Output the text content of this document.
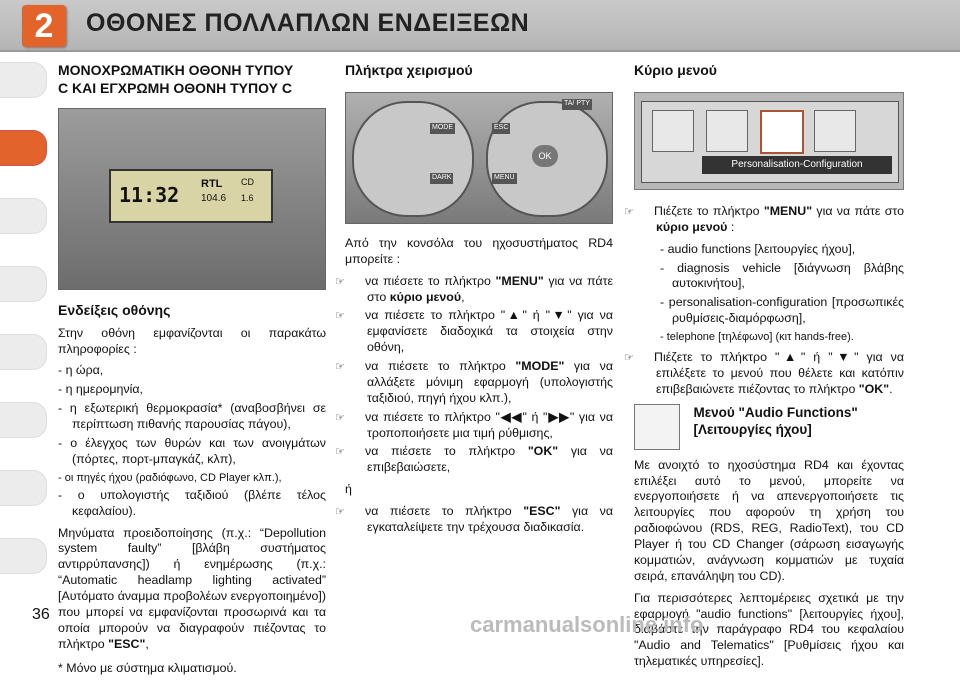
2	ΟΘΟΝΕΣ ΠΟΛΛΑΠΛΩΝ ΕΝΔΕΙΞΕΩΝ
ΜΟΝΟΧΡΩΜΑΤΙΚΗ ΟΘΟΝΗ ΤΥΠΟΥ
C ΚΑΙ ΕΓΧΡΩΜΗ ΟΘΟΝΗ ΤΥΠΟΥ C
11:32 RTL
104.6
CD
1.6
Ενδείξεις οθόνης

Στην οθόνη εμφανίζονται οι παρακάτω πληροφορίες :

- η ώρα,
- η ημερομηνία,
- η εξωτερική θερμοκρασία* (αναβοσβήνει σε περίπτωση πιθανής παρουσίας πάγου),
- ο έλεγχος των θυρών και των ανοιγμάτων (πόρτες, πορτ-μπαγκάζ, κλπ),
- οι πηγές ήχου (ραδιόφωνο, CD Player κλπ.),
- ο υπολογιστής ταξιδιού (βλέπε τέλος κεφαλαίου).

Μηνύματα προειδοποίησης (π.χ.: “Depollution system faulty” [βλάβη συστήματος αντιρρύπανσης]) ή ενημέρωσης (π.χ.: “Automatic headlamp lighting activated” [Αυτόματο άναμμα προβολέων ενεργοποιημένο]) που μπορεί να εμφανίζονται προσωρινά και τα οποία μπορούν να διαγραφούν πιέζοντας το πλήκτρο "ESC",

* Μόνο με σύστημα κλιματισμού.

Πλήκτρα χειρισμού
MODE
DARK
ESC
MENU
OK
TA/ PTY

Από την κονσόλα του ηχοσυστήματος RD4 μπορείτε :

☞ να πιέσετε το πλήκτρο "MENU" για να πάτε στο κύριο μενού,
☞ να πιέσετε το πλήκτρο "▲" ή "▼" για να εμφανίσετε διαδοχικά τα στοιχεία στην οθόνη,
☞ να πιέσετε το πλήκτρο "MODE" για να αλλάξετε μόνιμη εφαρμογή (υπολογιστής ταξιδιού, πηγή ήχου κλπ.),
☞ να πιέσετε το πλήκτρο "◀◀" ή "▶▶" για να τροποποιήσετε μια τιμή ρύθμισης,
☞ να πιέσετε το πλήκτρο "OK" για να επιβεβαιώσετε,

ή

☞ να πιέσετε το πλήκτρο "ESC" για να εγκαταλείψετε την τρέχουσα διαδικασία.
Κύριο μενού
Personalisation-Configuration
☞ Πιέζετε το πλήκτρο "MENU" για να πάτε στο κύριο μενού :
- audio functions [λειτουργίες ήχου],
- diagnosis vehicle [διάγνωση βλάβης αυτοκινήτου],
- personalisation-configuration [προσωπικές ρυθμίσεις-διαμόρφωση],
- telephone [τηλέφωνο] (κιτ hands-free).
☞ Πιέζετε το πλήκτρο "▲" ή "▼" για να επιλέξετε το μενού που θέλετε και κατόπιν επιβεβαιώνετε πιέζοντας το πλήκτρο "OK".
Μενού "Audio Functions"
[Λειτουργίες ήχου]

Με ανοιχτό το ηχοσύστημα RD4 και έχοντας επιλέξει αυτό το μενού, μπορείτε να ενεργοποιήσετε ή να απενεργοποιήσετε τις λειτουργίες που αφορούν τη χρήση του ραδιοφώνου (RDS, REG, RadioText), του CD Player ή του CD Changer (σάρωση εισαγωγής κομματιών, ανάγνωση κομματιών με τυχαία σειρά, επανάληψη του CD).

Για περισσότερες λεπτομέρειες σχετικά με την εφαρμογή "audio functions" [λειτουργίες ήχου], διαβάστε την παράγραφο RD4 του κεφαλαίου "Audio and Telematics" [Ρυθμίσεις ήχου και τηλεματικές υπηρεσίες].

36	carmanualsonline.info
